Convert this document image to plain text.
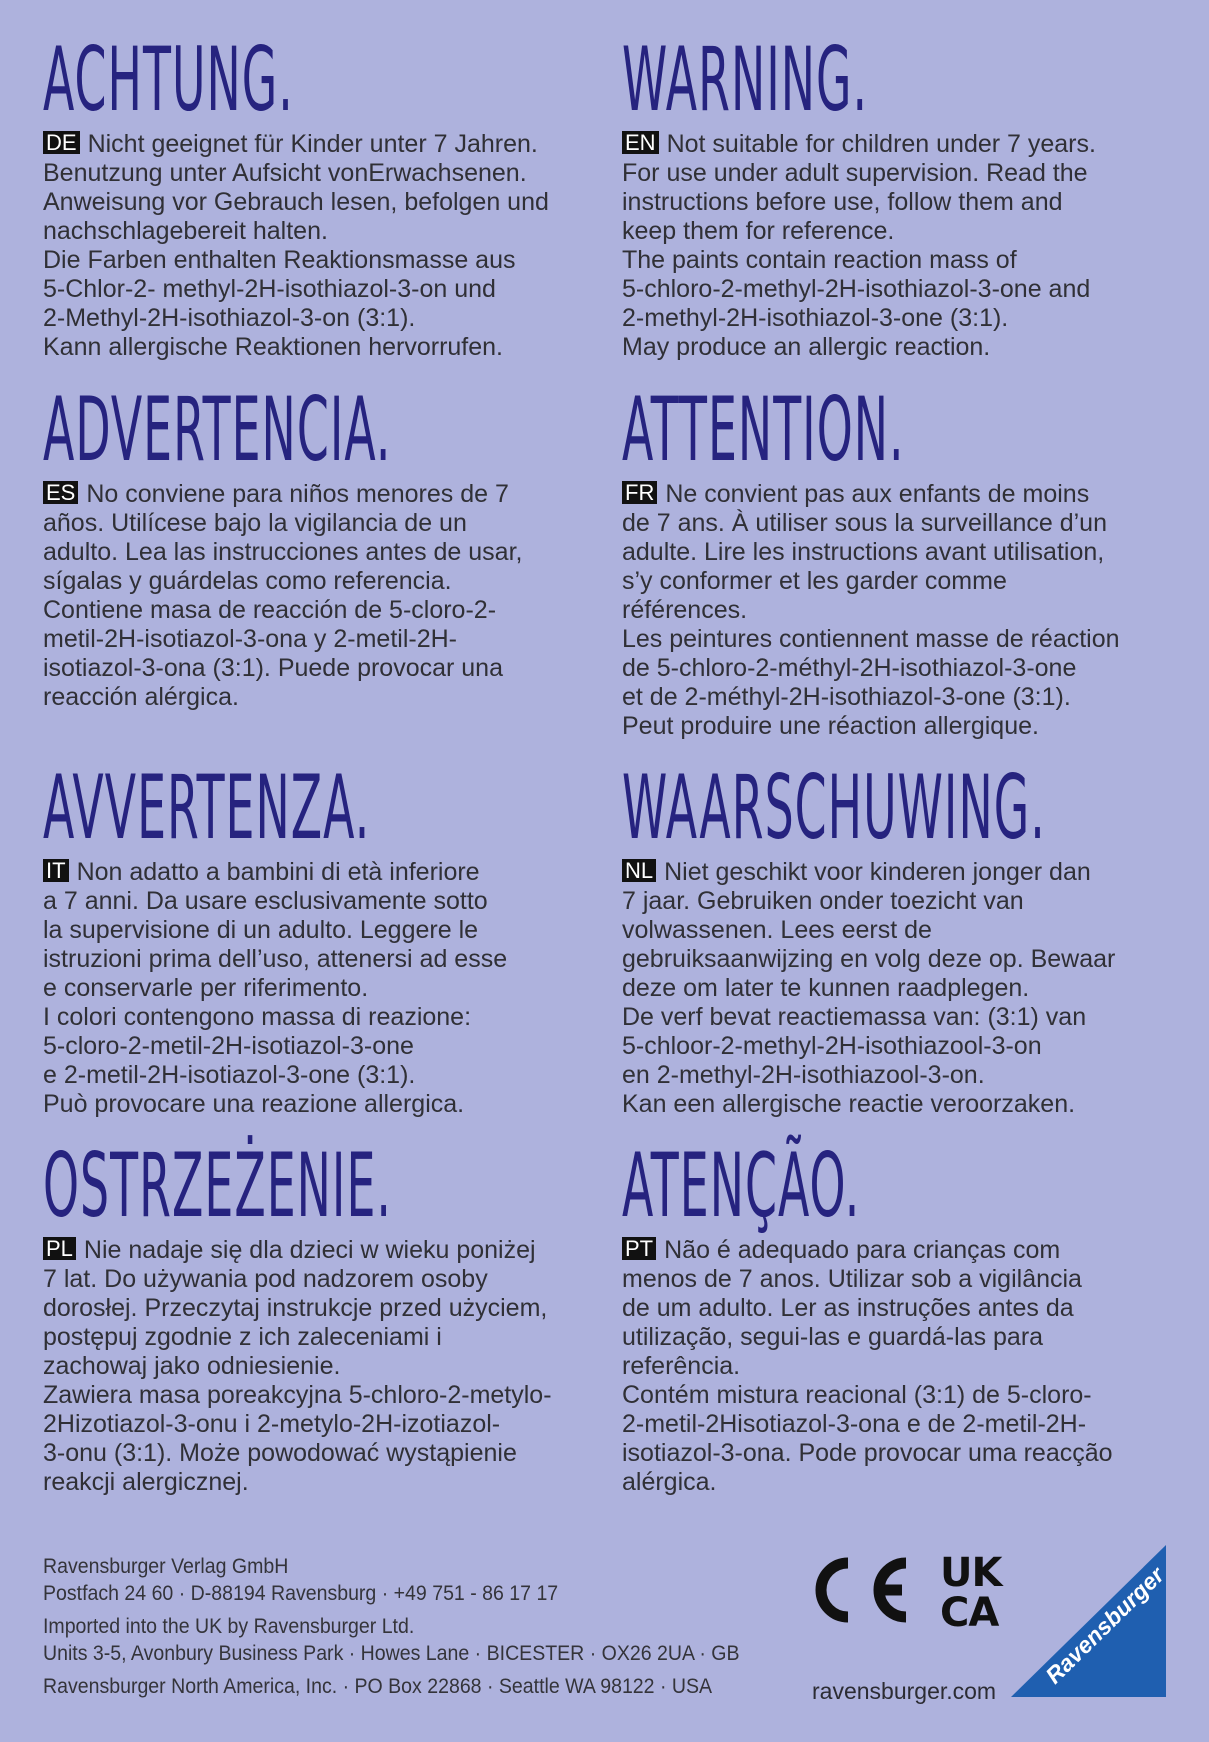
ACHTUNG.

DE Nicht geeignet für Kinder unter 7 Jahren.

Benutzung unter Aufsicht vonErwachsenen.

Anweisung vor Gebrauch lesen, befolgen und

nachschlagebereit halten.

Die Farben enthalten Reaktionsmasse aus

5-Chlor-2- methyl-2H-isothiazol-3-on und

2-Methyl-2H-isothiazol-3-on (3:1).

Kann allergische Reaktionen hervorrufen.

WARNING.

EN Not suitable for children under 7 years.

For use under adult supervision. Read the

instructions before use, follow them and

keep them for reference.

The paints contain reaction mass of

5-chloro-2-methyl-2H-isothiazol-3-one and

2-methyl-2H-isothiazol-3-one (3:1).

May produce an allergic reaction.

ADVERTENCIA.

ES No conviene para niños menores de 7

años. Utilícese bajo la vigilancia de un

adulto. Lea las instrucciones antes de usar,

sígalas y guárdelas como referencia.

Contiene masa de reacción de 5-cloro-2-

metil-2H-isotiazol-3-ona y 2-metil-2H-

isotiazol-3-ona (3:1). Puede provocar una

reacción alérgica.

ATTENTION.

FR Ne convient pas aux enfants de moins

de 7 ans. À utiliser sous la surveillance d’un

adulte. Lire les instructions avant utilisation,

s’y conformer et les garder comme

références.

Les peintures contiennent masse de réaction

de 5-chloro-2-méthyl-2H-isothiazol-3-one

et de 2-méthyl-2H-isothiazol-3-one (3:1).

Peut produire une réaction allergique.

AVVERTENZA.

IT Non adatto a bambini di età inferiore

a 7 anni. Da usare esclusivamente sotto

la supervisione di un adulto. Leggere le

istruzioni prima dell’uso, attenersi ad esse

e conservarle per riferimento.

I colori contengono massa di reazione:

5-cloro-2-metil-2H-isotiazol-3-one

e 2-metil-2H-isotiazol-3-one (3:1).

Può provocare una reazione allergica.

WAARSCHUWING.

NL Niet geschikt voor kinderen jonger dan

7 jaar. Gebruiken onder toezicht van

volwassenen. Lees eerst de

gebruiksaanwijzing en volg deze op. Bewaar

deze om later te kunnen raadplegen.

De verf bevat reactiemassa van: (3:1) van

5-chloor-2-methyl-2H-isothiazool-3-on

en 2-methyl-2H-isothiazool-3-on.

Kan een allergische reactie veroorzaken.

OSTRZEŻENIE.

PL Nie nadaje się dla dzieci w wieku poniżej

7 lat. Do używania pod nadzorem osoby

dorosłej. Przeczytaj instrukcje przed użyciem,

postępuj zgodnie z ich zaleceniami i

zachowaj jako odniesienie.

Zawiera masa poreakcyjna 5-chloro-2-metylo-

2Hizotiazol-3-onu i 2-metylo-2H-izotiazol-

3-onu (3:1). Może powodować wystąpienie

reakcji alergicznej.

ATENÇÃO.

PT Não é adequado para crianças com

menos de 7 anos. Utilizar sob a vigilância

de um adulto. Ler as instruções antes da

utilização, segui-las e guardá-las para

referência.

Contém mistura reacional (3:1) de 5-cloro-

2-metil-2Hisotiazol-3-ona e de 2-metil-2H-

isotiazol-3-ona. Pode provocar uma reacção

alérgica.

Ravensburger Verlag GmbH
Postfach 24 60 · D-88194 Ravensburg · +49 751 - 86 17 17
Imported into the UK by Ravensburger Ltd.
Units 3-5, Avonbury Business Park · Howes Lane · BICESTER · OX26 2UA · GB
Ravensburger North America, Inc. · PO Box 22868 · Seattle WA 98122 · USA	ravensburger.com
CE UK
CA Ravensburger
